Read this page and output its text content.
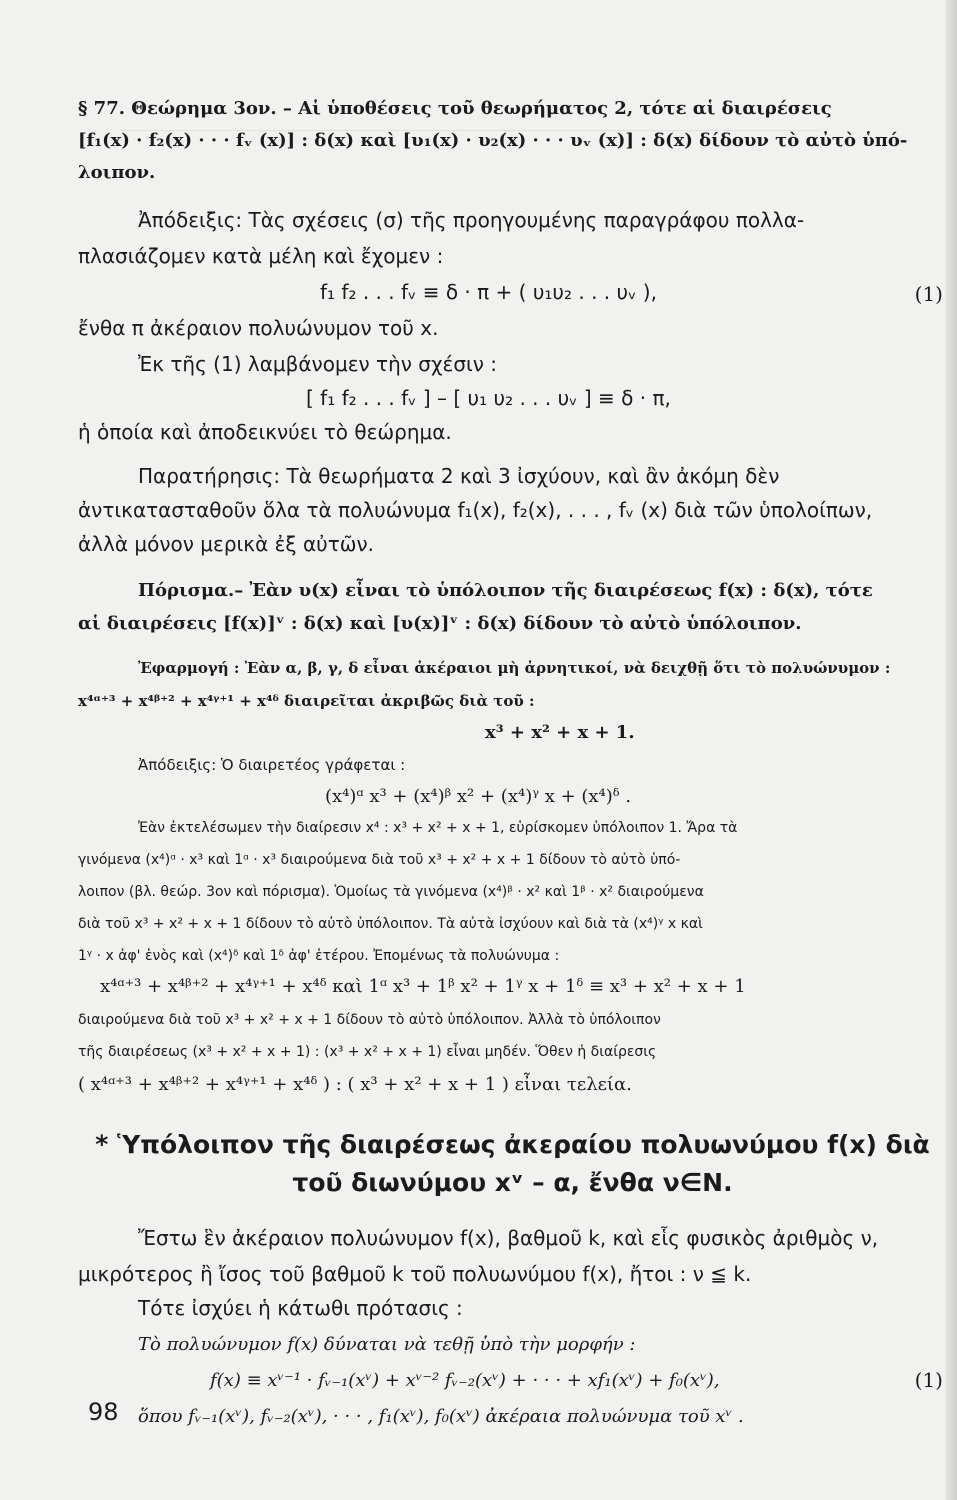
§ 77. Θεώρημα 3ον. – Αἱ ὑποθέσεις τοῦ θεωρήματος 2, τότε αἱ διαιρέσεις
[f₁(x) · f₂(x) · · · fᵥ (x)] : δ(x) καὶ [υ₁(x) · υ₂(x) · · · υᵥ (x)] : δ(x) δίδουν τὸ αὐτὸ ὑπό-
λοιπον.
Ἀπόδειξις: Τὰς σχέσεις (σ) τῆς προηγουμένης παραγράφου πολλα-
πλασιάζομεν κατὰ μέλη καὶ ἔχομεν :
f₁ f₂ . . . fᵥ ≡ δ · π + ( υ₁υ₂ . . . υᵥ ),	(1)
ἔνθα π ἀκέραιον πολυώνυμον τοῦ x.
Ἐκ τῆς (1) λαμβάνομεν τὴν σχέσιν :
[ f₁ f₂ . . . fᵥ ] – [ υ₁ υ₂ . . . υᵥ ] ≡ δ · π,
ἡ ὁποία καὶ ἀποδεικνύει τὸ θεώρημα.
Παρατήρησις: Τὰ θεωρήματα 2 καὶ 3 ἰσχύουν, καὶ ἂν ἀκόμη δὲν
ἀντικατασταθοῦν ὅλα τὰ πολυώνυμα f₁(x), f₂(x), . . . , fᵥ (x) διὰ τῶν ὑπολοίπων,
ἀλλὰ μόνον μερικὰ ἐξ αὐτῶν.
Πόρισμα.– Ἐὰν υ(x) εἶναι τὸ ὑπόλοιπον τῆς διαιρέσεως f(x) : δ(x), τότε
αἱ διαιρέσεις [f(x)]ᵛ : δ(x) καὶ [υ(x)]ᵛ : δ(x) δίδουν τὸ αὐτὸ ὑπόλοιπον.
Ἐφαρμογή : Ἐὰν α, β, γ, δ εἶναι ἀκέραιοι μὴ ἀρνητικοί, νὰ δειχθῇ ὅτι τὸ πολυώνυμον :
x⁴ᵅ⁺³ + x⁴ᵝ⁺² + x⁴ᵞ⁺¹ + x⁴ᵟ διαιρεῖται ἀκριβῶς διὰ τοῦ :
x³ + x² + x + 1.
Ἀπόδειξις: Ὁ διαιρετέος γράφεται :
(x⁴)ᵅ x³ + (x⁴)ᵝ x² + (x⁴)ᵞ x + (x⁴)ᵟ .
Ἐὰν ἐκτελέσωμεν τὴν διαίρεσιν x⁴ : x³ + x² + x + 1, εὑρίσκομεν ὑπόλοιπον 1. Ἄρα τὰ
γινόμενα (x⁴)ᵅ · x³ καὶ 1ᵅ · x³ διαιρούμενα διὰ τοῦ x³ + x² + x + 1 δίδουν τὸ αὐτὸ ὑπό-
λοιπον (βλ. θεώρ. 3ον καὶ πόρισμα). Ὁμοίως τὰ γινόμενα (x⁴)ᵝ · x² καὶ 1ᵝ · x² διαιρούμενα
διὰ τοῦ x³ + x² + x + 1 δίδουν τὸ αὐτὸ ὑπόλοιπον. Τὰ αὐτὰ ἰσχύουν καὶ διὰ τὰ (x⁴)ᵞ x καὶ
1ᵞ · x ἀφ' ἑνὸς καὶ (x⁴)ᵟ καὶ 1ᵟ ἀφ' ἑτέρου. Ἐπομένως τὰ πολυώνυμα :
x⁴ᵅ⁺³ + x⁴ᵝ⁺² + x⁴ᵞ⁺¹ + x⁴ᵟ καὶ 1ᵅ x³ + 1ᵝ x² + 1ᵞ x + 1ᵟ ≡ x³ + x² + x + 1
διαιρούμενα διὰ τοῦ x³ + x² + x + 1 δίδουν τὸ αὐτὸ ὑπόλοιπον. Ἀλλὰ τὸ ὑπόλοιπον
τῆς διαιρέσεως (x³ + x² + x + 1) : (x³ + x² + x + 1) εἶναι μηδέν. Ὅθεν ἡ διαίρεσις
( x⁴ᵅ⁺³ + x⁴ᵝ⁺² + x⁴ᵞ⁺¹ + x⁴ᵟ ) : ( x³ + x² + x + 1 ) εἶναι τελεία.
* Ὑπόλοιπον τῆς διαιρέσεως ἀκεραίου πολυωνύμου f(x) διὰ
τοῦ διωνύμου xᵛ – α, ἔνθα ν∈N.
Ἔστω ἓν ἀκέραιον πολυώνυμον f(x), βαθμοῦ k, καὶ εἷς φυσικὸς ἀριθμὸς ν,
μικρότερος ἢ ἴσος τοῦ βαθμοῦ k τοῦ πολυωνύμου f(x), ἤτοι : ν ≦ k.
Τότε ἰσχύει ἡ κάτωθι πρότασις :
Τὸ πολυώνυμον f(x) δύναται νὰ τεθῇ ὑπὸ τὴν μορφήν :
f(x) ≡ xᵛ⁻¹ · fᵥ₋₁(xᵛ) + xᵛ⁻² fᵥ₋₂(xᵛ) + · · · + xf₁(xᵛ) + f₀(xᵛ),	(1)
ὅπου fᵥ₋₁(xᵛ), fᵥ₋₂(xᵛ), · · · , f₁(xᵛ), f₀(xᵛ) ἀκέραια πολυώνυμα τοῦ xᵛ .
98
